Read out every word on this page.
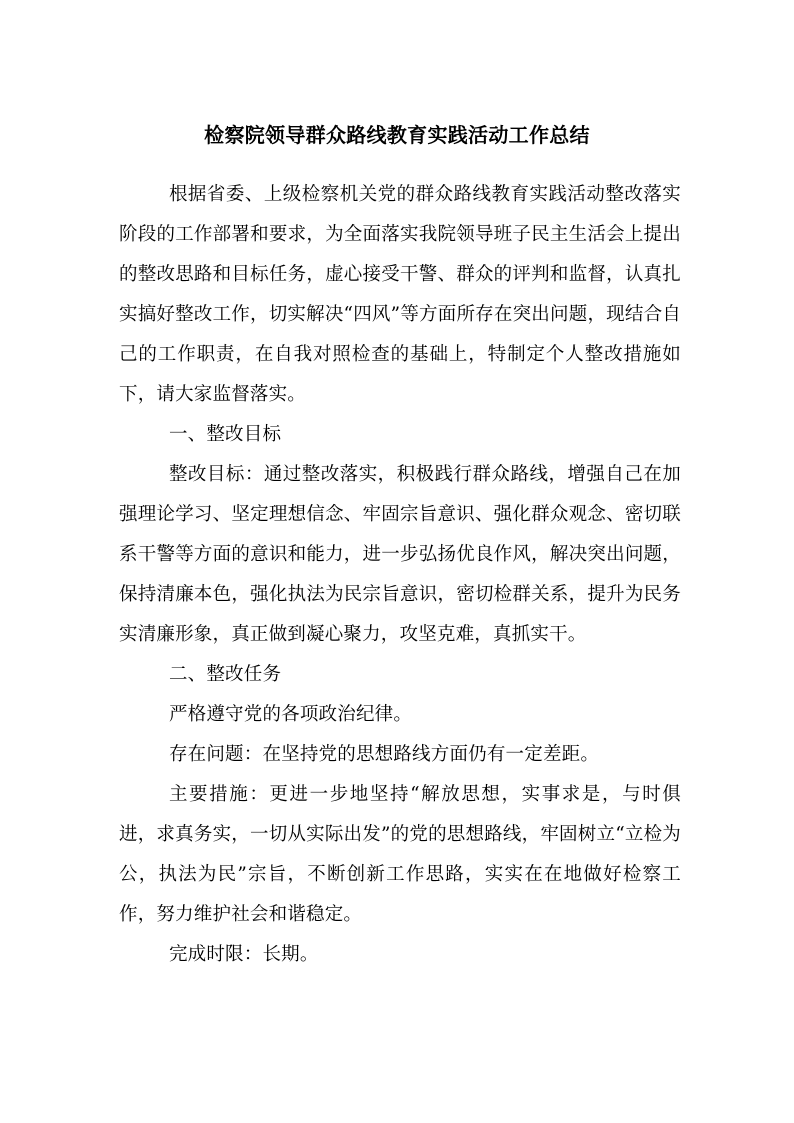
检察院领导群众路线教育实践活动工作总结

根据省委、上级检察机关党的群众路线教育实践活动整改落实阶段的工作部署和要求，为全面落实我院领导班子民主生活会上提出的整改思路和目标任务，虚心接受干警、群众的评判和监督，认真扎实搞好整改工作，切实解决“四风”等方面所存在突出问题，现结合自己的工作职责，在自我对照检查的基础上，特制定个人整改措施如下，请大家监督落实。

一、整改目标

整改目标：通过整改落实，积极践行群众路线，增强自己在加强理论学习、坚定理想信念、牢固宗旨意识、强化群众观念、密切联系干警等方面的意识和能力，进一步弘扬优良作风，解决突出问题，保持清廉本色，强化执法为民宗旨意识，密切检群关系，提升为民务实清廉形象，真正做到凝心聚力，攻坚克难，真抓实干。

二、整改任务

严格遵守党的各项政治纪律。

存在问题：在坚持党的思想路线方面仍有一定差距。

主要措施：更进一步地坚持“解放思想，实事求是，与时俱进，求真务实，一切从实际出发”的党的思想路线，牢固树立“立检为公，执法为民”宗旨，不断创新工作思路，实实在在地做好检察工作，努力维护社会和谐稳定。

完成时限：长期。
